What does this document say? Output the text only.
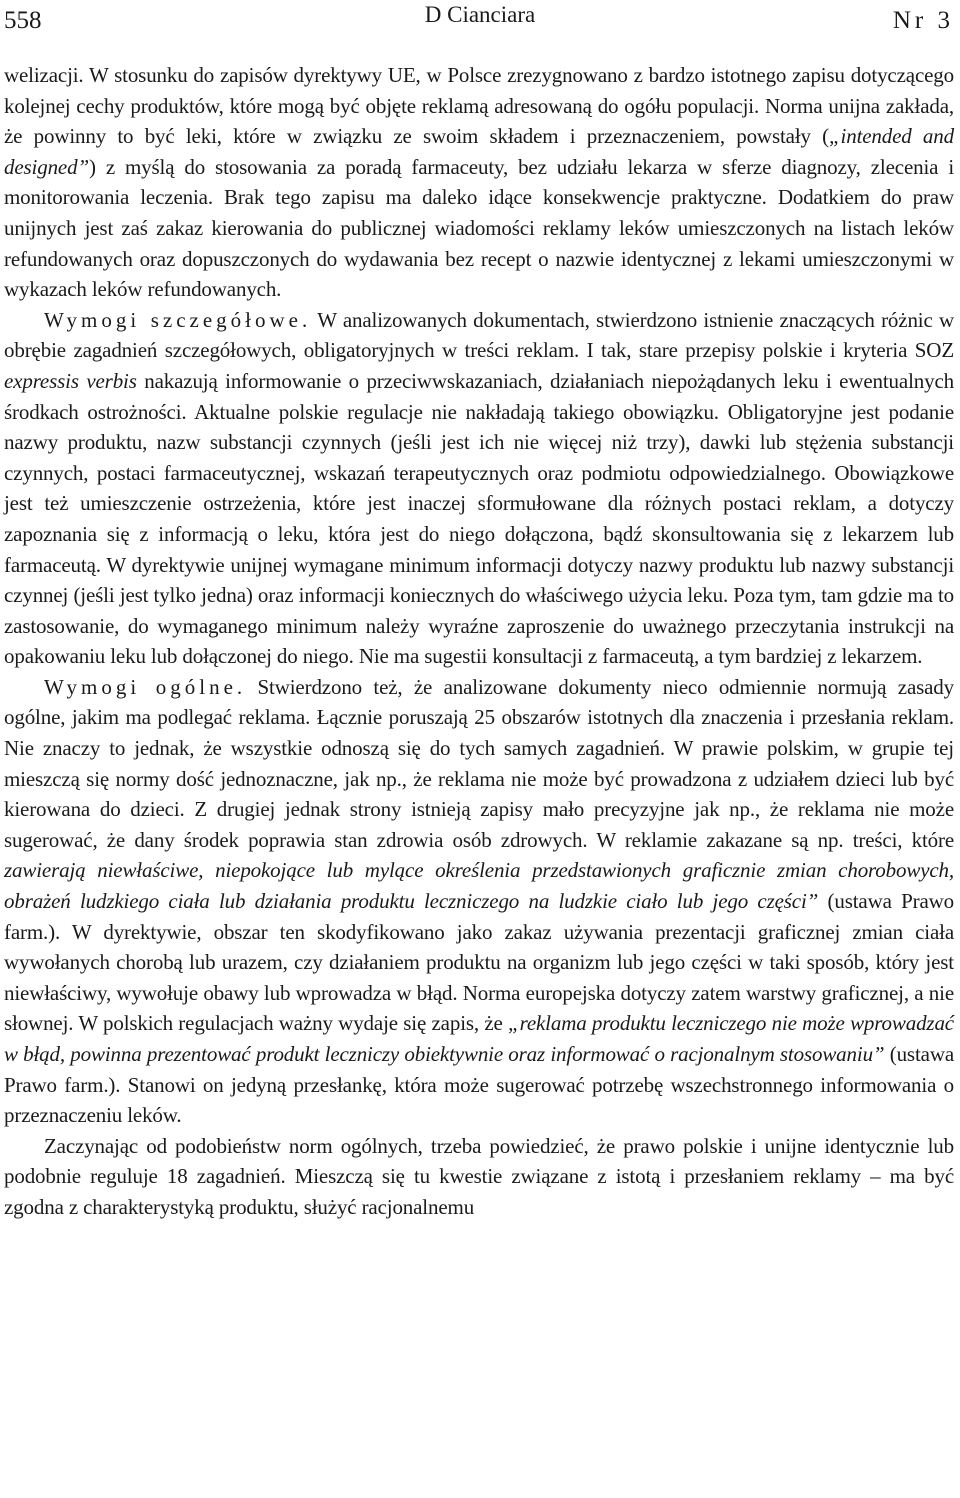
558	D Cianciara	Nr 3

welizacji. W stosunku do zapisów dyrektywy UE, w Polsce zrezygnowano z bardzo istotnego zapisu dotyczącego kolejnej cechy produktów, które mogą być objęte reklamą adresowaną do ogółu populacji. Norma unijna zakłada, że powinny to być leki, które w związku ze swoim składem i przeznaczeniem, powstały („intended and designed”) z myślą do stosowania za poradą farmaceuty, bez udziału lekarza w sferze diagnozy, zlecenia i monitorowania leczenia. Brak tego zapisu ma daleko idące konsekwencje praktyczne. Dodatkiem do praw unijnych jest zaś zakaz kierowania do publicznej wiadomości reklamy leków umieszczonych na listach leków refundowanych oraz dopuszczonych do wydawania bez recept o nazwie identycznej z lekami umieszczonymi w wykazach leków refundowanych.

Wymogi szczegółowe. W analizowanych dokumentach, stwierdzono istnienie znaczących różnic w obrębie zagadnień szczegółowych, obligatoryjnych w treści reklam. I tak, stare przepisy polskie i kryteria SOZ expressis verbis nakazują informowanie o przeciwwskazaniach, działaniach niepożądanych leku i ewentualnych środkach ostrożności. Aktualne polskie regulacje nie nakładają takiego obowiązku. Obligatoryjne jest podanie nazwy produktu, nazw substancji czynnych (jeśli jest ich nie więcej niż trzy), dawki lub stężenia substancji czynnych, postaci farmaceutycznej, wskazań terapeutycznych oraz podmiotu odpowiedzialnego. Obowiązkowe jest też umieszczenie ostrzeżenia, które jest inaczej sformułowane dla różnych postaci reklam, a dotyczy zapoznania się z informacją o leku, która jest do niego dołączona, bądź skonsultowania się z lekarzem lub farmaceutą. W dyrektywie unijnej wymagane minimum informacji dotyczy nazwy produktu lub nazwy substancji czynnej (jeśli jest tylko jedna) oraz informacji koniecznych do właściwego użycia leku. Poza tym, tam gdzie ma to zastosowanie, do wymaganego minimum należy wyraźne zaproszenie do uważnego przeczytania instrukcji na opakowaniu leku lub dołączonej do niego. Nie ma sugestii konsultacji z farmaceutą, a tym bardziej z lekarzem.

Wymogi ogólne. Stwierdzono też, że analizowane dokumenty nieco odmiennie normują zasady ogólne, jakim ma podlegać reklama. Łącznie poruszają 25 obszarów istotnych dla znaczenia i przesłania reklam. Nie znaczy to jednak, że wszystkie odnoszą się do tych samych zagadnień. W prawie polskim, w grupie tej mieszczą się normy dość jednoznaczne, jak np., że reklama nie może być prowadzona z udziałem dzieci lub być kierowana do dzieci. Z drugiej jednak strony istnieją zapisy mało precyzyjne jak np., że reklama nie może sugerować, że dany środek poprawia stan zdrowia osób zdrowych. W reklamie zakazane są np. treści, które zawierają niewłaściwe, niepokojące lub mylące określenia przedstawionych graficznie zmian chorobowych, obrażeń ludzkiego ciała lub działania produktu leczniczego na ludzkie ciało lub jego części” (ustawa Prawo farm.). W dyrektywie, obszar ten skodyfikowano jako zakaz używania prezentacji graficznej zmian ciała wywołanych chorobą lub urazem, czy działaniem produktu na organizm lub jego części w taki sposób, który jest niewłaściwy, wywołuje obawy lub wprowadza w błąd. Norma europejska dotyczy zatem warstwy graficznej, a nie słownej. W polskich regulacjach ważny wydaje się zapis, że „reklama produktu leczniczego nie może wprowadzać w błąd, powinna prezentować produkt leczniczy obiektywnie oraz informować o racjonalnym stosowaniu” (ustawa Prawo farm.). Stanowi on jedyną przesłankę, która może sugerować potrzebę wszechstronnego informowania o przeznaczeniu leków.

Zaczynając od podobieństw norm ogólnych, trzeba powiedzieć, że prawo polskie i unijne identycznie lub podobnie reguluje 18 zagadnień. Mieszczą się tu kwestie związane z istotą i przesłaniem reklamy – ma być zgodna z charakterystyką produktu, służyć racjonalnemu
